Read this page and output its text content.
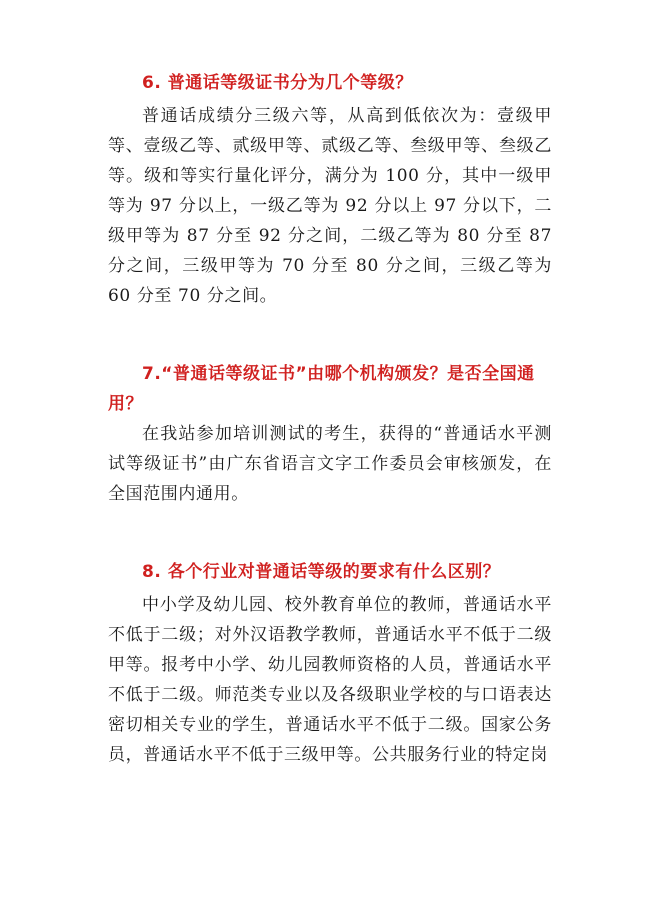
6. 普通话等级证书分为几个等级？

普通话成绩分三级六等，从高到低依次为：壹级甲等、壹级乙等、贰级甲等、贰级乙等、叁级甲等、叁级乙等。级和等实行量化评分，满分为 100 分，其中一级甲等为 97 分以上，一级乙等为 92 分以上 97 分以下，二级甲等为 87 分至 92 分之间，二级乙等为 80 分至 87 分之间，三级甲等为 70 分至 80 分之间，三级乙等为 60 分至 70 分之间。

7.“普通话等级证书”由哪个机构颁发？是否全国通用？

在我站参加培训测试的考生，获得的“普通话水平测试等级证书”由广东省语言文字工作委员会审核颁发，在全国范围内通用。

8. 各个行业对普通话等级的要求有什么区别？

中小学及幼儿园、校外教育单位的教师，普通话水平不低于二级；对外汉语教学教师，普通话水平不低于二级甲等。报考中小学、幼儿园教师资格的人员，普通话水平不低于二级。师范类专业以及各级职业学校的与口语表达密切相关专业的学生，普通话水平不低于二级。国家公务员，普通话水平不低于三级甲等。公共服务行业的特定岗
